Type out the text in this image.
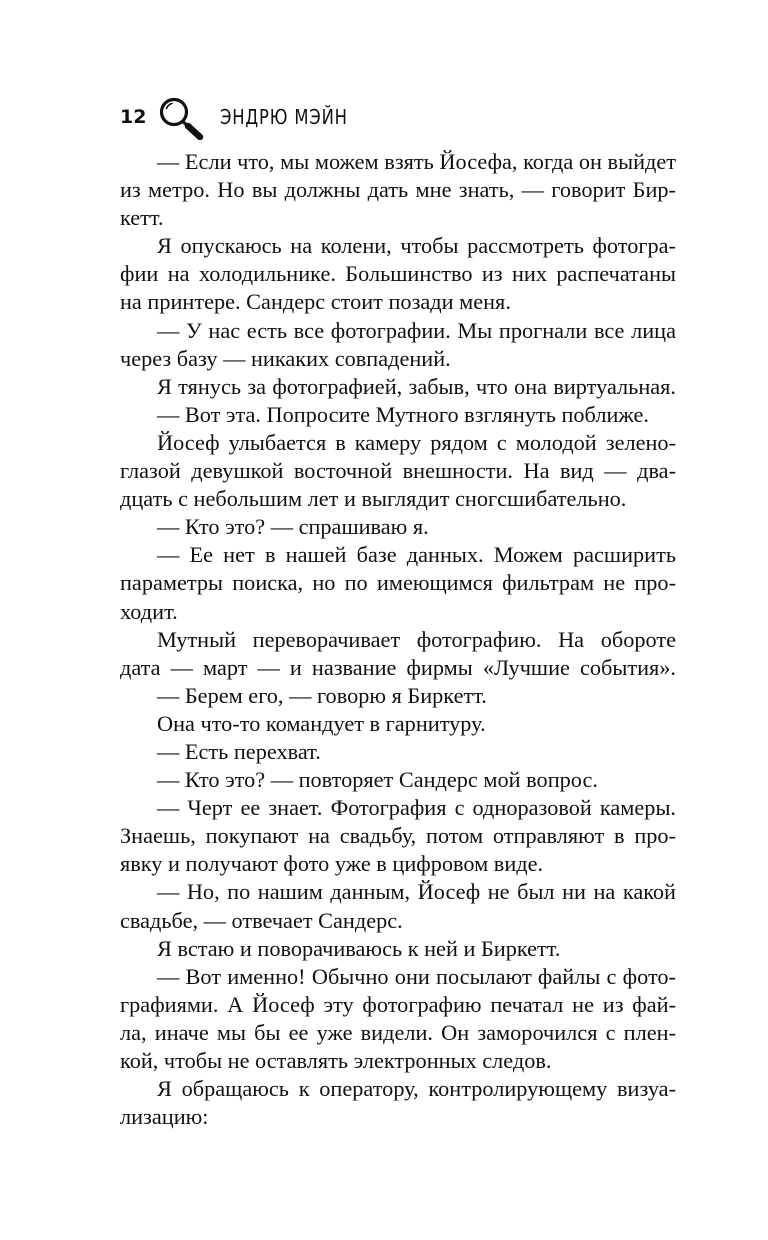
12	ЭНДРЮ МЭЙН
— Если что, мы можем взять Йосефа, когда он выйдет
из метро. Но вы должны дать мне знать, — говорит Бир-
кетт.
Я опускаюсь на колени, чтобы рассмотреть фотогра-
фии на холодильнике. Большинство из них распечатаны
на принтере. Сандерс стоит позади меня.
— У нас есть все фотографии. Мы прогнали все лица
через базу — никаких совпадений.
Я тянусь за фотографией, забыв, что она виртуальная.
— Вот эта. Попросите Мутного взглянуть поближе.
Йосеф улыбается в камеру рядом с молодой зелено-
глазой девушкой восточной внешности. На вид — два-
дцать с небольшим лет и выглядит сногсшибательно.
— Кто это? — спрашиваю я.
— Ее нет в нашей базе данных. Можем расширить
параметры поиска, но по имеющимся фильтрам не про-
ходит.
Мутный переворачивает фотографию. На обороте
дата — март — и название фирмы «Лучшие события».
— Берем его, — говорю я Биркетт.
Она что-то командует в гарнитуру.
— Есть перехват.
— Кто это? — повторяет Сандерс мой вопрос.
— Черт ее знает. Фотография с одноразовой камеры.
Знаешь, покупают на свадьбу, потом отправляют в про-
явку и получают фото уже в цифровом виде.
— Но, по нашим данным, Йосеф не был ни на какой
свадьбе, — отвечает Сандерс.
Я встаю и поворачиваюсь к ней и Биркетт.
— Вот именно! Обычно они посылают файлы с фото-
графиями. А Йосеф эту фотографию печатал не из фай-
ла, иначе мы бы ее уже видели. Он заморочился с плен-
кой, чтобы не оставлять электронных следов.
Я обращаюсь к оператору, контролирующему визуа-
лизацию:
